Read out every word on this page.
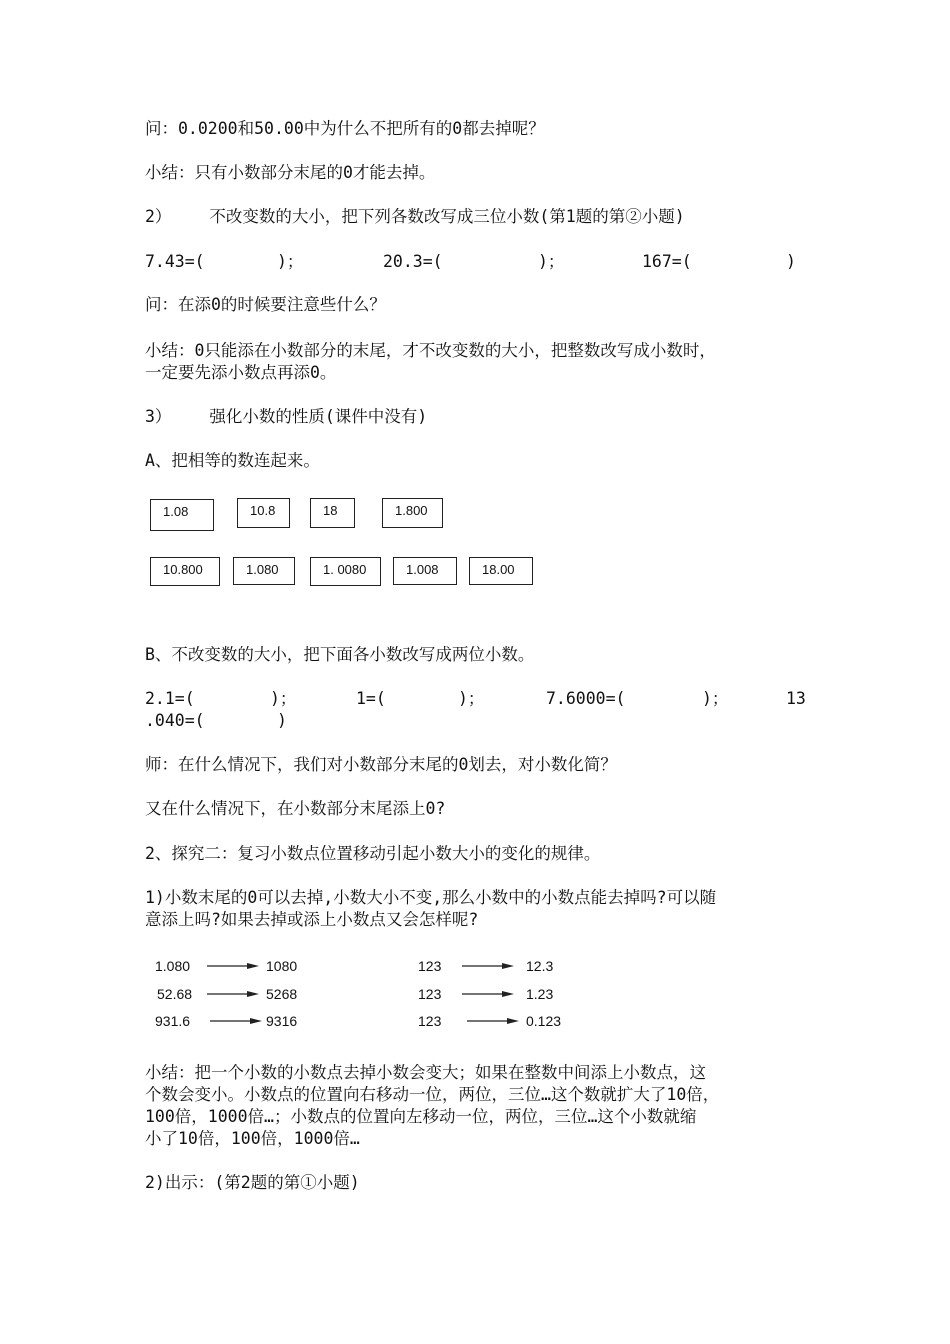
问：0.0200和50.00中为什么不把所有的0都去掉呢？
小结：只有小数部分末尾的0才能去掉。
2） 不改变数的大小，把下列各数改写成三位小数(第1题的第②小题)
7.43=(	)；	20.3=(	)；	167=(	)
问：在添0的时候要注意些什么？
小结：0只能添在小数部分的末尾，才不改变数的大小，把整数改写成小数时，
一定要先添小数点再添0。
3） 强化小数的性质(课件中没有)
A、把相等的数连起来。
1.08	10.8	18	1.800
10.800	1.080	1. 0080	1.008	18.00
B、不改变数的大小，把下面各小数改写成两位小数。
2.1=(	)；	1=(	)；	7.6000=(	)；	13
.040=(	)
师：在什么情况下，我们对小数部分末尾的0划去，对小数化简？
又在什么情况下，在小数部分末尾添上0?
2、探究二：复习小数点位置移动引起小数大小的变化的规律。
1)小数末尾的0可以去掉,小数大小不变,那么小数中的小数点能去掉吗?可以随
意添上吗?如果去掉或添上小数点又会怎样呢?
1.080	1080
52.68	5268
931.6	9316
123	12.3
123	1.23
123	0.123
小结：把一个小数的小数点去掉小数会变大；如果在整数中间添上小数点，这
个数会变小。小数点的位置向右移动一位，两位，三位…这个数就扩大了10倍，
100倍，1000倍…；小数点的位置向左移动一位，两位，三位…这个小数就缩
小了10倍，100倍，1000倍…
2)出示：(第2题的第①小题)
